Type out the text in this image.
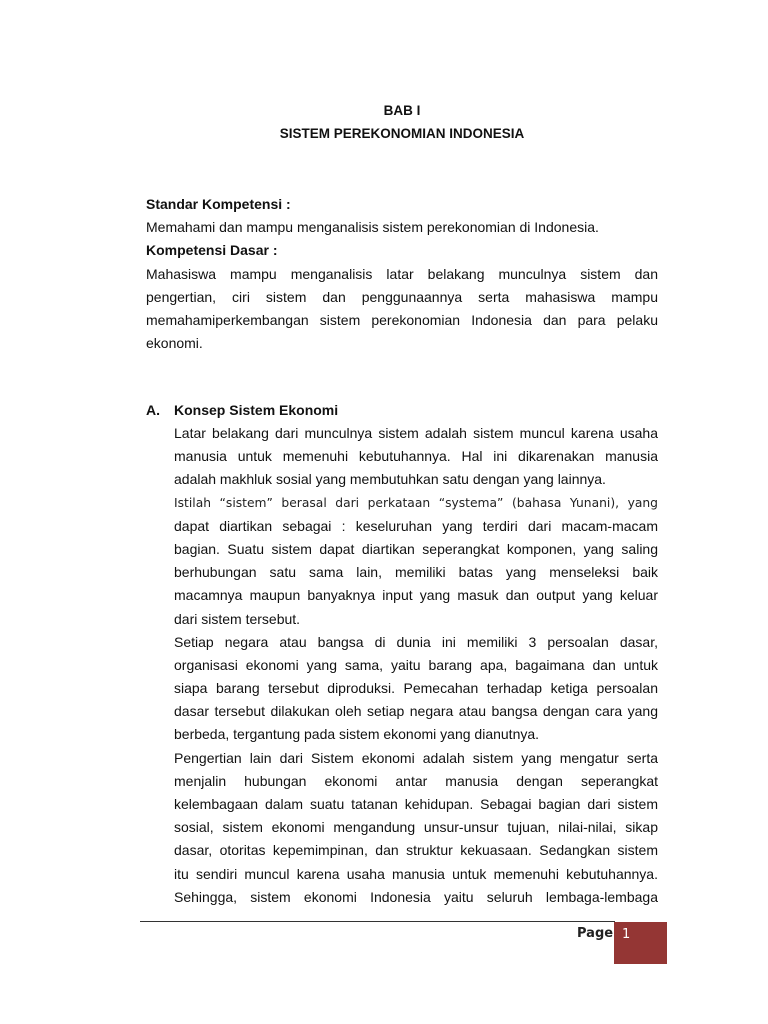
BAB I
SISTEM PEREKONOMIAN INDONESIA
Standar Kompetensi :
Memahami dan mampu menganalisis sistem perekonomian di Indonesia.
Kompetensi Dasar :
Mahasiswa mampu menganalisis latar belakang munculnya sistem dan
pengertian, ciri sistem dan penggunaannya serta mahasiswa mampu
memahamiperkembangan sistem perekonomian Indonesia dan para pelaku
ekonomi.
A. Konsep Sistem Ekonomi
Latar belakang dari munculnya sistem adalah sistem muncul karena usaha
manusia untuk memenuhi kebutuhannya. Hal ini dikarenakan manusia
adalah makhluk sosial yang membutuhkan satu dengan yang lainnya.
Istilah “sistem” berasal dari perkataan “systema” (bahasa Yunani), yang
dapat diartikan sebagai : keseluruhan yang terdiri dari macam-macam
bagian. Suatu sistem dapat diartikan seperangkat komponen, yang saling
berhubungan satu sama lain, memiliki batas yang menseleksi baik
macamnya maupun banyaknya input yang masuk dan output yang keluar
dari sistem tersebut.
Setiap negara atau bangsa di dunia ini memiliki 3 persoalan dasar,
organisasi ekonomi yang sama, yaitu barang apa, bagaimana dan untuk
siapa barang tersebut diproduksi. Pemecahan terhadap ketiga persoalan
dasar tersebut dilakukan oleh setiap negara atau bangsa dengan cara yang
berbeda, tergantung pada sistem ekonomi yang dianutnya.
Pengertian lain dari Sistem ekonomi adalah sistem yang mengatur serta
menjalin hubungan ekonomi antar manusia dengan seperangkat
kelembagaan dalam suatu tatanan kehidupan. Sebagai bagian dari sistem
sosial, sistem ekonomi mengandung unsur-unsur tujuan, nilai-nilai, sikap
dasar, otoritas kepemimpinan, dan struktur kekuasaan. Sedangkan sistem
itu sendiri muncul karena usaha manusia untuk memenuhi kebutuhannya.
Sehingga, sistem ekonomi Indonesia yaitu seluruh lembaga-lembaga
Page 1
